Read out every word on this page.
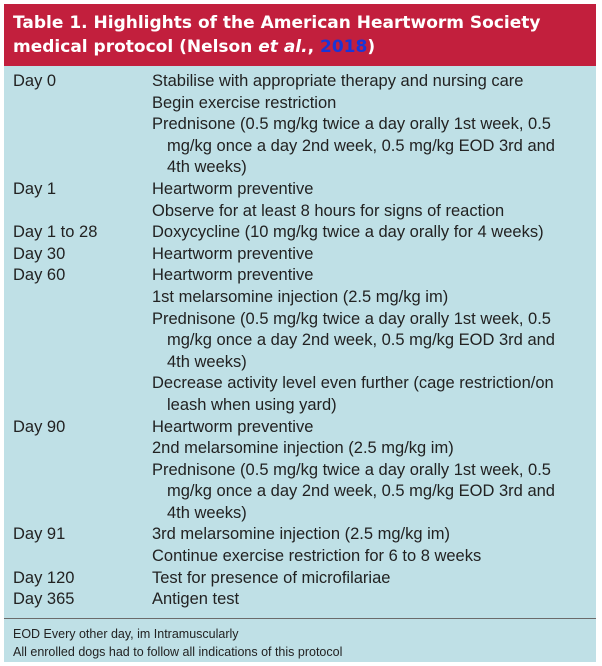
Table 1. Highlights of the American Heartworm Society medical protocol (Nelson et al., 2018)
Day 0	Stabilise with appropriate therapy and nursing care
Begin exercise restriction
Prednisone (0.5 mg/kg twice a day orally 1st week, 0.5 mg/kg once a day 2nd week, 0.5 mg/kg EOD 3rd and 4th weeks)
Day 1	Heartworm preventive
Observe for at least 8 hours for signs of reaction
Day 1 to 28	Doxycycline (10 mg/kg twice a day orally for 4 weeks)
Day 30	Heartworm preventive
Day 60	Heartworm preventive
1st melarsomine injection (2.5 mg/kg im)
Prednisone (0.5 mg/kg twice a day orally 1st week, 0.5 mg/kg once a day 2nd week, 0.5 mg/kg EOD 3rd and 4th weeks)
Decrease activity level even further (cage restriction/on leash when using yard)
Day 90	Heartworm preventive
2nd melarsomine injection (2.5 mg/kg im)
Prednisone (0.5 mg/kg twice a day orally 1st week, 0.5 mg/kg once a day 2nd week, 0.5 mg/kg EOD 3rd and 4th weeks)
Day 91	3rd melarsomine injection (2.5 mg/kg im)
Continue exercise restriction for 6 to 8 weeks
Day 120	Test for presence of microfilariae
Day 365	Antigen test
EOD Every other day, im Intramuscularly
All enrolled dogs had to follow all indications of this protocol
